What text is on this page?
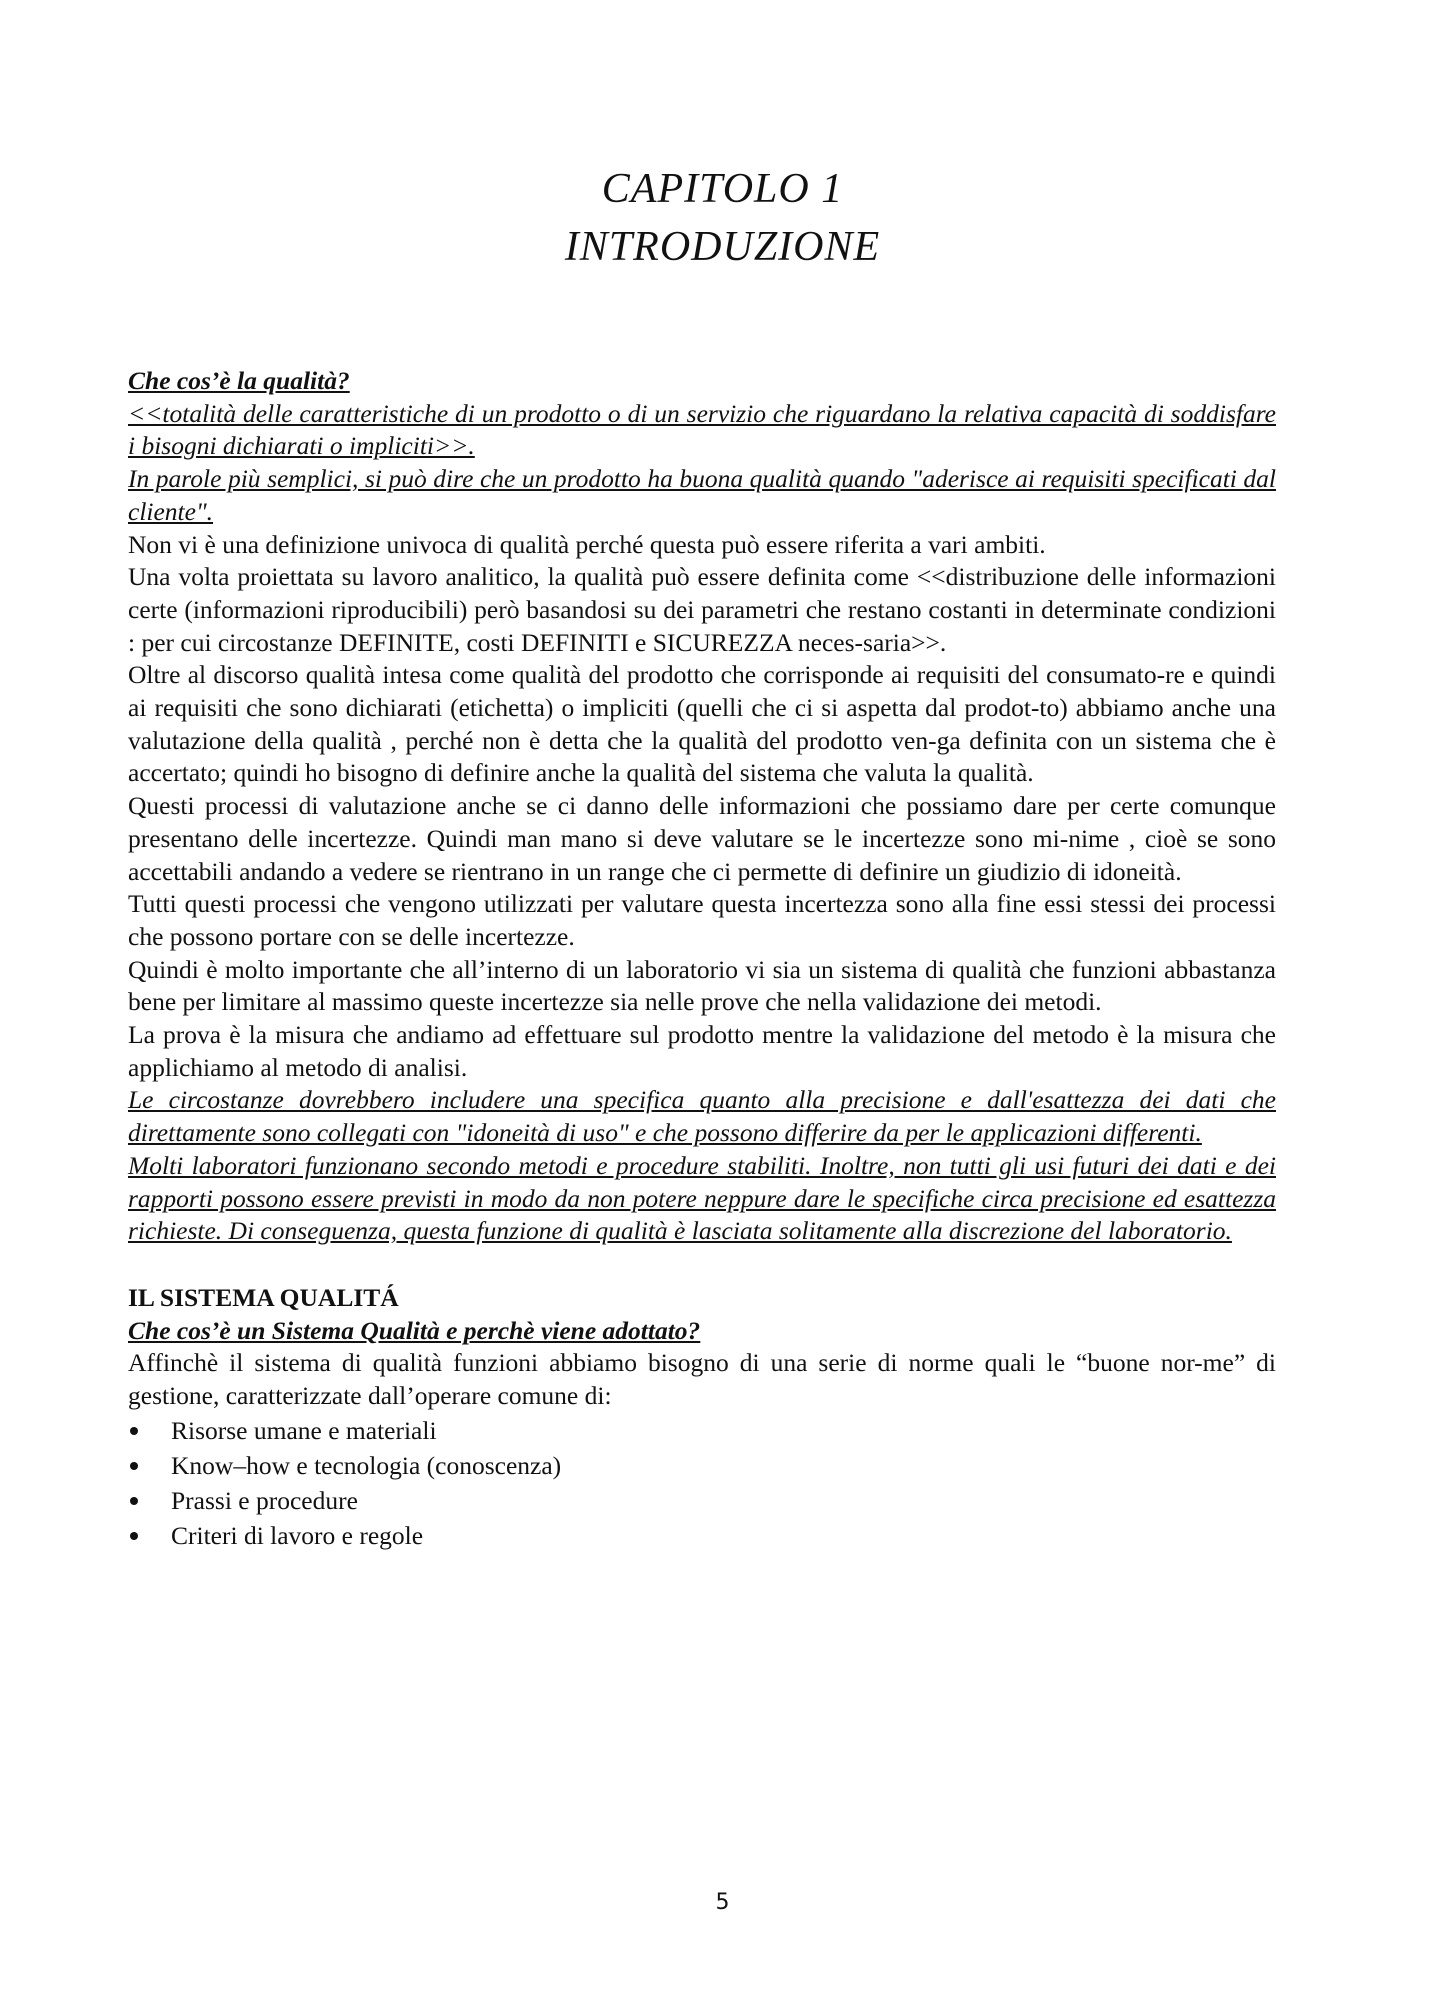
CAPITOLO 1
INTRODUZIONE

Che cos’è la qualità?

<<totalità delle caratteristiche di un prodotto o di un servizio che riguardano la relativa capacità di soddisfare i bisogni dichiarati o impliciti>>.

In parole più semplici, si può dire che un prodotto ha buona qualità quando "aderisce ai requisiti specificati dal cliente".

Non vi è una definizione univoca di qualità perché questa può essere riferita a vari ambiti.

Una volta proiettata su lavoro analitico, la qualità può essere definita come <<distribuzione delle informazioni certe (informazioni riproducibili) però basandosi su dei parametri che restano costanti in determinate condizioni : per cui circostanze DEFINITE, costi DEFINITI e SICUREZZA neces-saria>>.

Oltre al discorso qualità intesa come qualità del prodotto che corrisponde ai requisiti del consumato-re e quindi ai requisiti che sono dichiarati (etichetta) o impliciti (quelli che ci si aspetta dal prodot-to) abbiamo anche una valutazione della qualità , perché non è detta che la qualità del prodotto ven-ga definita con un sistema che è accertato; quindi ho bisogno di definire anche la qualità del sistema che valuta la qualità.

Questi processi di valutazione anche se ci danno delle informazioni che possiamo dare per certe comunque presentano delle incertezze. Quindi man mano si deve valutare se le incertezze sono mi-nime , cioè se sono accettabili andando a vedere se rientrano in un range che ci permette di definire un giudizio di idoneità.

Tutti questi processi che vengono utilizzati per valutare questa incertezza sono alla fine essi stessi dei processi che possono portare con se delle incertezze.

Quindi è molto importante che all’interno di un laboratorio vi sia un sistema di qualità che funzioni abbastanza bene per limitare al massimo queste incertezze sia nelle prove che nella validazione dei metodi.

La prova è la misura che andiamo ad effettuare sul prodotto mentre la validazione del metodo è la misura che applichiamo al metodo di analisi.

Le circostanze dovrebbero includere una specifica quanto alla precisione e dall'esattezza dei dati che direttamente sono collegati con "idoneità di uso" e che possono differire da per le applicazioni differenti.

Molti laboratori funzionano secondo metodi e procedure stabiliti. Inoltre, non tutti gli usi futuri dei dati e dei rapporti possono essere previsti in modo da non potere neppure dare le specifiche circa precisione ed esattezza richieste. Di conseguenza, questa funzione di qualità è lasciata solitamente alla discrezione del laboratorio.

IL SISTEMA QUALITÁ

Che cos’è un Sistema Qualità e perchè viene adottato?

Affinchè il sistema di qualità funzioni abbiamo bisogno di una serie di norme quali le “buone nor-me” di gestione, caratterizzate dall’operare comune di:

Risorse umane e materiali
Know–how e tecnologia (conoscenza)
Prassi e procedure
Criteri di lavoro e regole
5
